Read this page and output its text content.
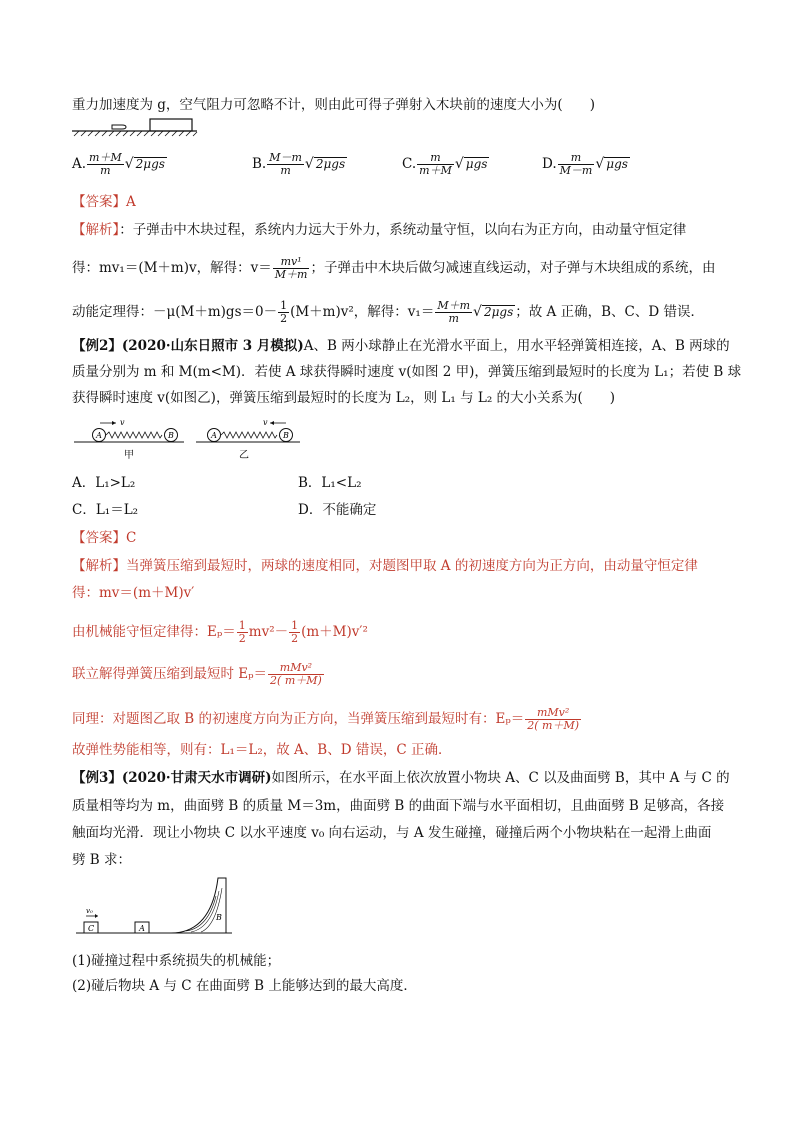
重力加速度为 g，空气阻力可忽略不计，则由此可得子弹射入木块前的速度大小为(　　)
A. $\frac{m+M}{m}$ √ 2μgs	B. $\frac{M-m}{m}$ √ 2μgs	C. $\frac{m}{m+M}$ √ μgs	D. $\frac{m}{M-m}$ √ μgs
【答案】A
【解析】：子弹击中木块过程，系统内力远大于外力，系统动量守恒，以向右为正方向，由动量守恒定律
得：mv₁＝(M＋m)v，解得：$v= \frac{\text{mv¹}}{M+m}$ ；子弹击中木块后做匀减速直线运动，对子弹与木块组成的系统，由
动能定理得：$-\mu(M+m)gs=0- \frac{1}{2} (M+m)v^2$，解得：$v_1= \frac{M+m}{m}$ √ 2μgs ；故 A 正确，B、C、D 错误．
【例2】(2020·山东日照市 3 月模拟)A、B 两小球静止在光滑水平面上，用水平轻弹簧相连接，A、B 两球的
质量分别为 m 和 M(m<M)．若使 A 球获得瞬时速度 v(如图 2 甲)，弹簧压缩到最短时的长度为 L₁；若使 B 球
获得瞬时速度 v(如图乙)，弹簧压缩到最短时的长度为 L₂，则 L₁ 与 L₂ 的大小关系为(　　)
A	B
v
甲
A	B
v
乙
A．L₁>L₂	B．L₁<L₂
C．L₁＝L₂	D．不能确定
【答案】C
【解析】当弹簧压缩到最短时，两球的速度相同，对题图甲取 A 的初速度方向为正方向，由动量守恒定律
得：mv＝(m＋M)v′
由机械能守恒定律得：$E_p= \frac{1}{2} mv^2- \frac{1}{2} (m+M)v'^2$
联立解得弹簧压缩到最短时 $E_p= \frac{\text{mMv²}}{2( m+M)}$
同理：对题图乙取 B 的初速度方向为正方向，当弹簧压缩到最短时有：$E_p= \frac{\text{mMv²}}{2( m+M)}$
故弹性势能相等，则有：L₁＝L₂，故 A、B、D 错误，C 正确．
【例3】(2020·甘肃天水市调研)如图所示，在水平面上依次放置小物块 A、C 以及曲面劈 B，其中 A 与 C 的
质量相等均为 m，曲面劈 B 的质量 M＝3m，曲面劈 B 的曲面下端与水平面相切，且曲面劈 B 足够高，各接
触面均光滑．现让小物块 C 以水平速度 v₀ 向右运动，与 A 发生碰撞，碰撞后两个小物块粘在一起滑上曲面
劈 B 求：
C
v₀
A
B
(1)碰撞过程中系统损失的机械能；
(2)碰后物块 A 与 C 在曲面劈 B 上能够达到的最大高度．
